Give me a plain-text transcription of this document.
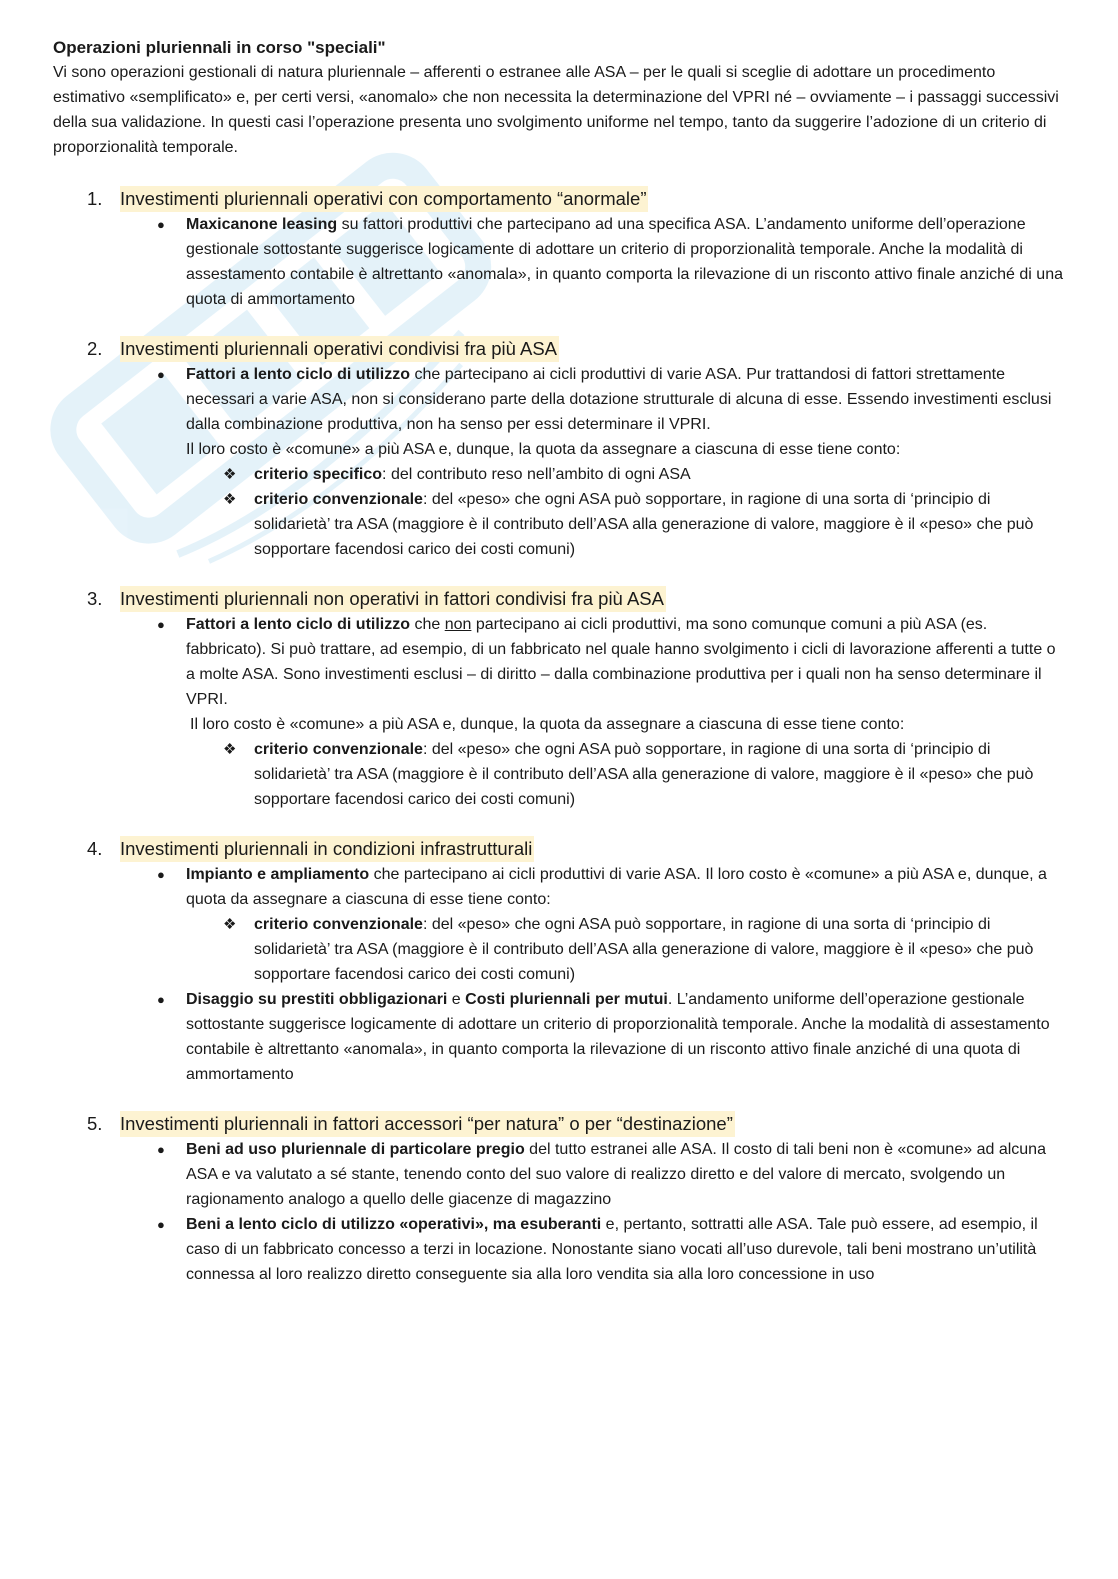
Operazioni pluriennali in corso "speciali"

Vi sono operazioni gestionali di natura pluriennale – afferenti o estranee alle ASA – per le quali si sceglie di adottare un procedimento estimativo «semplificato» e, per certi versi, «anomalo» che non necessita la determinazione del VPRI né – ovviamente – i passaggi successivi della sua validazione. In questi casi l’operazione presenta uno svolgimento uniforme nel tempo, tanto da suggerire l’adozione di un criterio di proporzionalità temporale.

1. Investimenti pluriennali operativi con comportamento “anormale”
● Maxicanone leasing su fattori produttivi che partecipano ad una specifica ASA. L’andamento uniforme dell’operazione gestionale sottostante suggerisce logicamente di adottare un criterio di proporzionalità temporale. Anche la modalità di assestamento contabile è altrettanto «anomala», in quanto comporta la rilevazione di un risconto attivo finale anziché di una quota di ammortamento
2. Investimenti pluriennali operativi condivisi fra più ASA
● Fattori a lento ciclo di utilizzo che partecipano ai cicli produttivi di varie ASA. Pur trattandosi di fattori strettamente necessari a varie ASA, non si considerano parte della dotazione strutturale di alcuna di esse. Essendo investimenti esclusi dalla combinazione produttiva, non ha senso per essi determinare il VPRI.
Il loro costo è «comune» a più ASA e, dunque, la quota da assegnare a ciascuna di esse tiene conto:
❖ criterio specifico: del contributo reso nell’ambito di ogni ASA
❖ criterio convenzionale: del «peso» che ogni ASA può sopportare, in ragione di una sorta di ‘principio di solidarietà’ tra ASA (maggiore è il contributo dell’ASA alla generazione di valore, maggiore è il «peso» che può sopportare facendosi carico dei costi comuni)
3. Investimenti pluriennali non operativi in fattori condivisi fra più ASA
● Fattori a lento ciclo di utilizzo che non partecipano ai cicli produttivi, ma sono comunque comuni a più ASA (es. fabbricato). Si può trattare, ad esempio, di un fabbricato nel quale hanno svolgimento i cicli di lavorazione afferenti a tutte o a molte ASA. Sono investimenti esclusi – di diritto – dalla combinazione produttiva per i quali non ha senso determinare il VPRI.
Il loro costo è «comune» a più ASA e, dunque, la quota da assegnare a ciascuna di esse tiene conto:
❖ criterio convenzionale: del «peso» che ogni ASA può sopportare, in ragione di una sorta di ‘principio di solidarietà’ tra ASA (maggiore è il contributo dell’ASA alla generazione di valore, maggiore è il «peso» che può sopportare facendosi carico dei costi comuni)
4. Investimenti pluriennali in condizioni infrastrutturali
● Impianto e ampliamento che partecipano ai cicli produttivi di varie ASA. Il loro costo è «comune» a più ASA e, dunque, a quota da assegnare a ciascuna di esse tiene conto:
❖ criterio convenzionale: del «peso» che ogni ASA può sopportare, in ragione di una sorta di ‘principio di solidarietà’ tra ASA (maggiore è il contributo dell’ASA alla generazione di valore, maggiore è il «peso» che può sopportare facendosi carico dei costi comuni)
● Disaggio su prestiti obbligazionari e Costi pluriennali per mutui. L’andamento uniforme dell’operazione gestionale sottostante suggerisce logicamente di adottare un criterio di proporzionalità temporale. Anche la modalità di assestamento contabile è altrettanto «anomala», in quanto comporta la rilevazione di un risconto attivo finale anziché di una quota di ammortamento
5. Investimenti pluriennali in fattori accessori “per natura” o per “destinazione”
● Beni ad uso pluriennale di particolare pregio del tutto estranei alle ASA. Il costo di tali beni non è «comune» ad alcuna ASA e va valutato a sé stante, tenendo conto del suo valore di realizzo diretto e del valore di mercato, svolgendo un ragionamento analogo a quello delle giacenze di magazzino
● Beni a lento ciclo di utilizzo «operativi», ma esuberanti e, pertanto, sottratti alle ASA. Tale può essere, ad esempio, il caso di un fabbricato concesso a terzi in locazione. Nonostante siano vocati all’uso durevole, tali beni mostrano un’utilità connessa al loro realizzo diretto conseguente sia alla loro vendita sia alla loro concessione in uso
